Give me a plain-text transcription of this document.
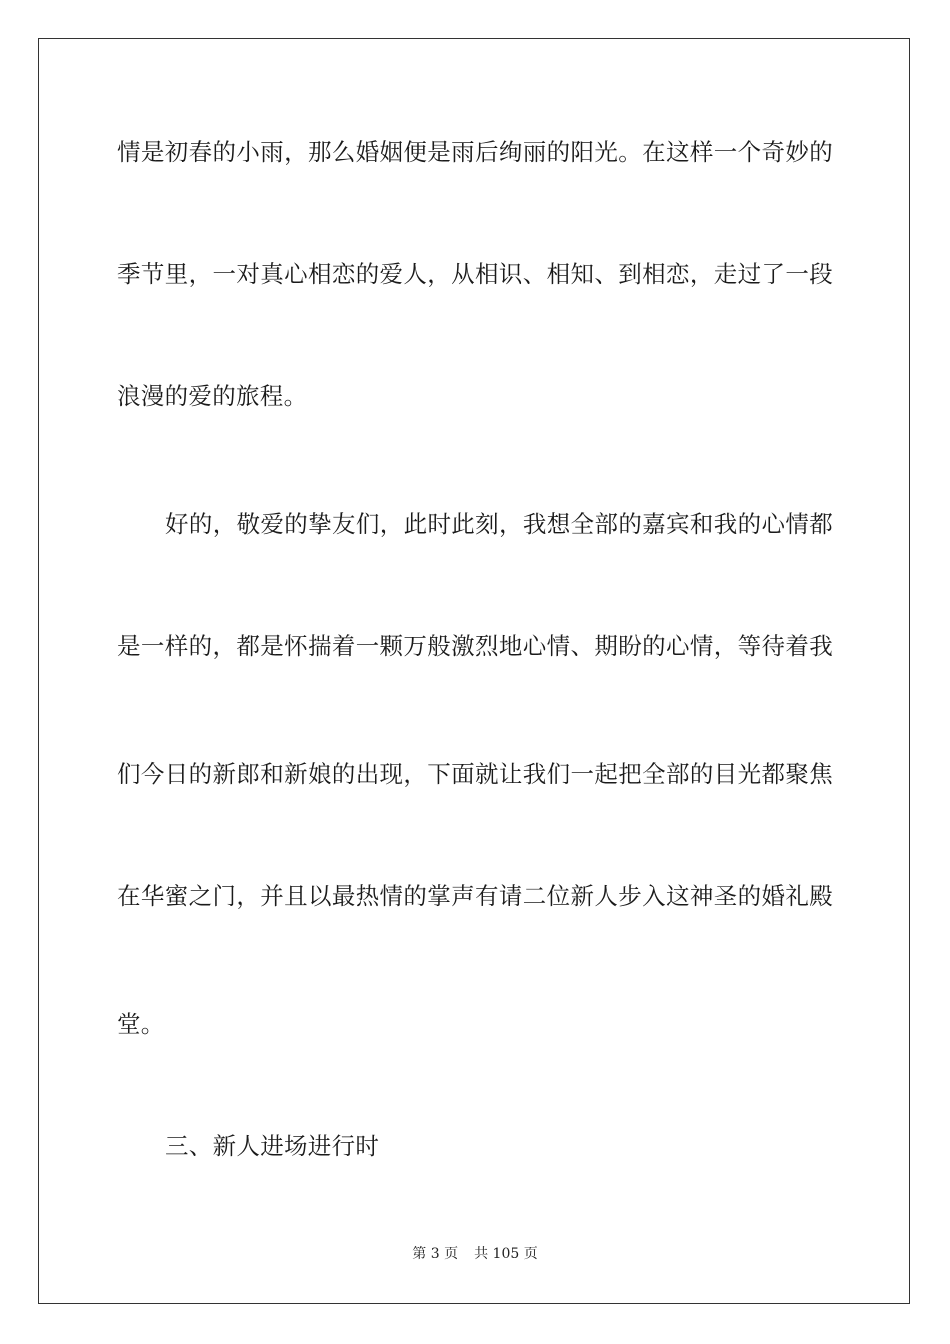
情是初春的小雨，那么婚姻便是雨后绚丽的阳光。在这样一个奇妙的
季节里，一对真心相恋的爱人，从相识、相知、到相恋，走过了一段
浪漫的爱的旅程。
好的，敬爱的挚友们，此时此刻，我想全部的嘉宾和我的心情都
是一样的，都是怀揣着一颗万般激烈地心情、期盼的心情，等待着我
们今日的新郎和新娘的出现，下面就让我们一起把全部的目光都聚焦
在华蜜之门，并且以最热情的掌声有请二位新人步入这神圣的婚礼殿
堂。
三、新人进场进行时
第 3 页 共 105 页
